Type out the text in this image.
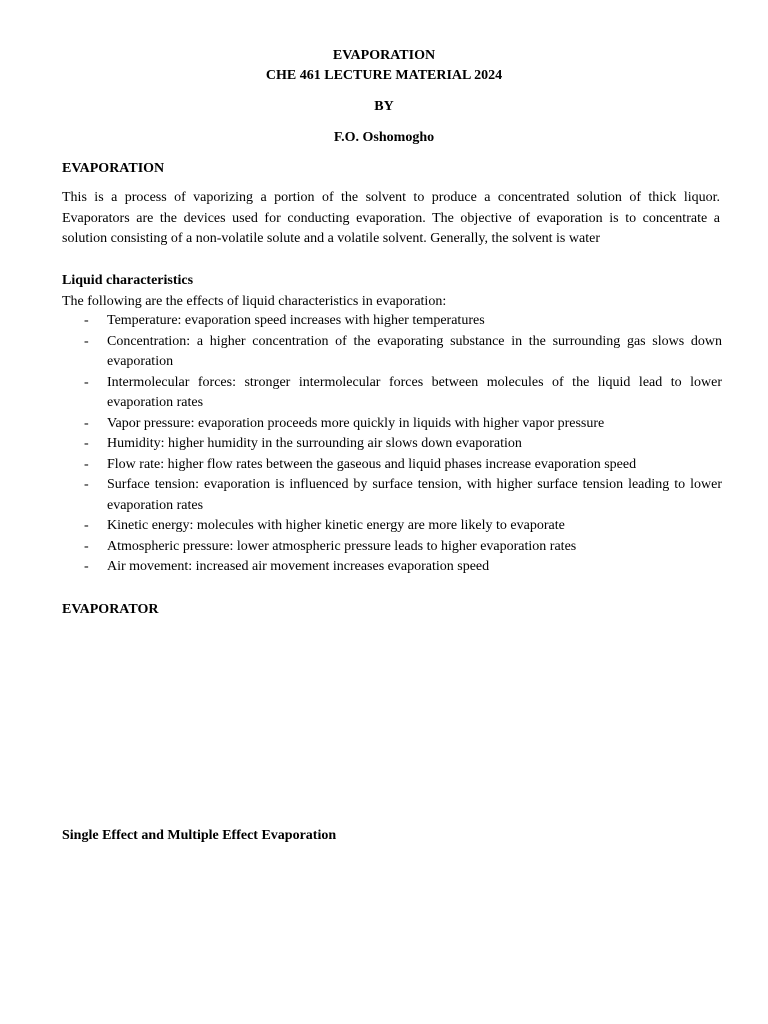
EVAPORATION
CHE 461 LECTURE MATERIAL 2024
BY
F.O. Oshomogho
EVAPORATION
This is a process of vaporizing a portion of the solvent to produce a concentrated solution of thick liquor. Evaporators are the devices used for conducting evaporation. The objective of evaporation is to concentrate a solution consisting of a non-volatile solute and a volatile solvent. Generally, the solvent is water
Liquid characteristics
The following are the effects of liquid characteristics in evaporation:
- Temperature: evaporation speed increases with higher temperatures
- Concentration: a higher concentration of the evaporating substance in the surrounding gas slows down evaporation
- Intermolecular forces: stronger intermolecular forces between molecules of the liquid lead to lower evaporation rates
- Vapor pressure: evaporation proceeds more quickly in liquids with higher vapor pressure
- Humidity: higher humidity in the surrounding air slows down evaporation
- Flow rate: higher flow rates between the gaseous and liquid phases increase evaporation speed
- Surface tension: evaporation is influenced by surface tension, with higher surface tension leading to lower evaporation rates
- Kinetic energy: molecules with higher kinetic energy are more likely to evaporate
- Atmospheric pressure: lower atmospheric pressure leads to higher evaporation rates
- Air movement: increased air movement increases evaporation speed
EVAPORATOR
Single Effect and Multiple Effect Evaporation
